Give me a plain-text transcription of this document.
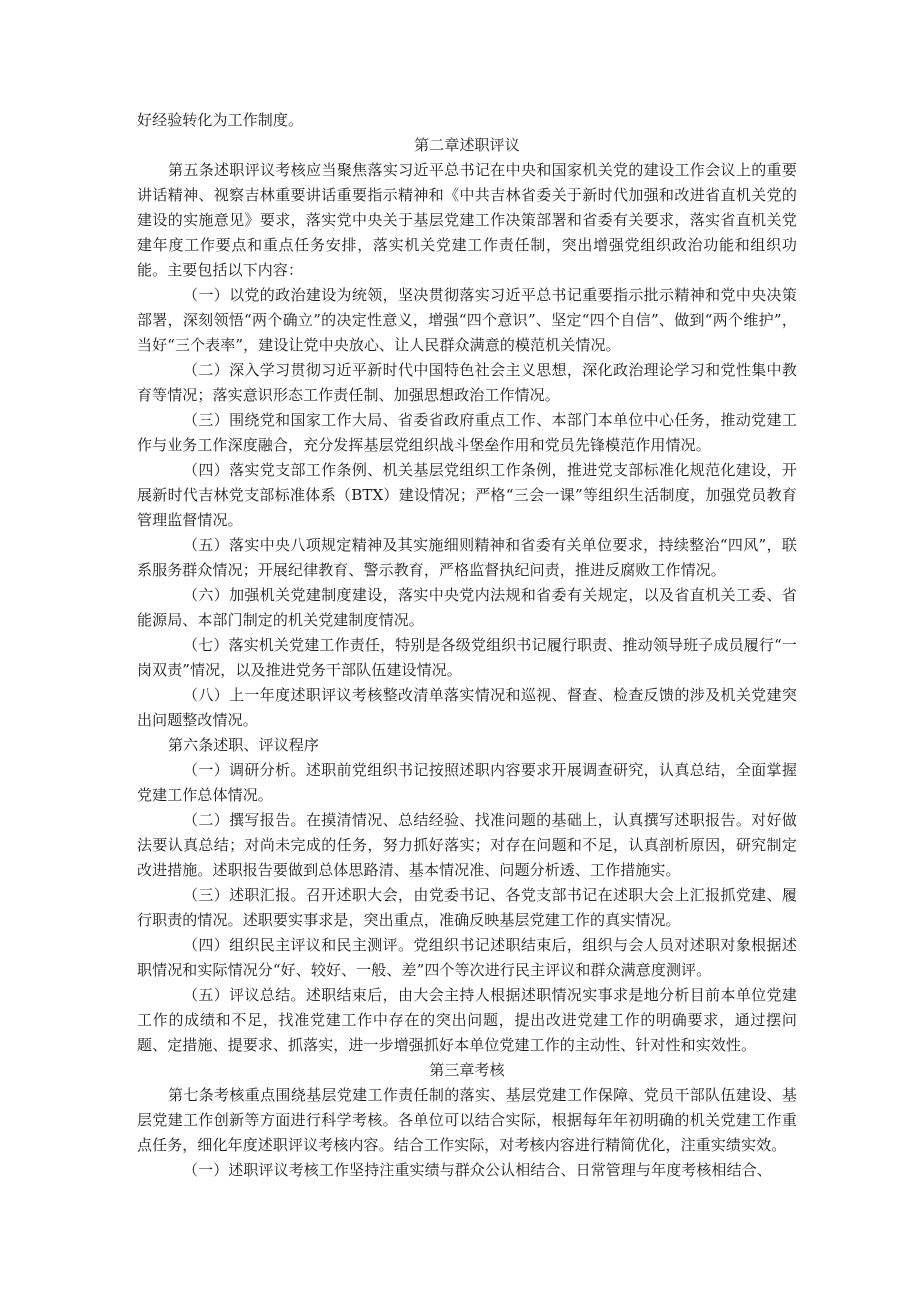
好经验转化为工作制度。

第二章述职评议

第五条述职评议考核应当聚焦落实习近平总书记在中央和国家机关党的建设工作会议上的重要讲话精神、视察吉林重要讲话重要指示精神和《中共吉林省委关于新时代加强和改进省直机关党的建设的实施意见》要求，落实党中央关于基层党建工作决策部署和省委有关要求，落实省直机关党建年度工作要点和重点任务安排，落实机关党建工作责任制，突出增强党组织政治功能和组织功能。主要包括以下内容：

（一）以党的政治建设为统领，坚决贯彻落实习近平总书记重要指示批示精神和党中央决策部署，深刻领悟“两个确立”的决定性意义，增强“四个意识”、坚定“四个自信”、做到“两个维护”，当好“三个表率”，建设让党中央放心、让人民群众满意的模范机关情况。

（二）深入学习贯彻习近平新时代中国特色社会主义思想，深化政治理论学习和党性集中教育等情况；落实意识形态工作责任制、加强思想政治工作情况。

（三）围绕党和国家工作大局、省委省政府重点工作、本部门本单位中心任务，推动党建工作与业务工作深度融合，充分发挥基层党组织战斗堡垒作用和党员先锋模范作用情况。

（四）落实党支部工作条例、机关基层党组织工作条例，推进党支部标准化规范化建设，开展新时代吉林党支部标准体系（BTX）建设情况；严格“三会一课”等组织生活制度，加强党员教育管理监督情况。

（五）落实中央八项规定精神及其实施细则精神和省委有关单位要求，持续整治“四风”，联系服务群众情况；开展纪律教育、警示教育，严格监督执纪问责，推进反腐败工作情况。

（六）加强机关党建制度建设，落实中央党内法规和省委有关规定，以及省直机关工委、省能源局、本部门制定的机关党建制度情况。

（七）落实机关党建工作责任，特别是各级党组织书记履行职责、推动领导班子成员履行“一岗双责”情况，以及推进党务干部队伍建设情况。

（八）上一年度述职评议考核整改清单落实情况和巡视、督查、检查反馈的涉及机关党建突出问题整改情况。

第六条述职、评议程序

（一）调研分析。述职前党组织书记按照述职内容要求开展调查研究，认真总结，全面掌握党建工作总体情况。

（二）撰写报告。在摸清情况、总结经验、找准问题的基础上，认真撰写述职报告。对好做法要认真总结；对尚未完成的任务，努力抓好落实；对存在问题和不足，认真剖析原因，研究制定改进措施。述职报告要做到总体思路清、基本情况准、问题分析透、工作措施实。

（三）述职汇报。召开述职大会，由党委书记、各党支部书记在述职大会上汇报抓党建、履行职责的情况。述职要实事求是，突出重点，准确反映基层党建工作的真实情况。

（四）组织民主评议和民主测评。党组织书记述职结束后，组织与会人员对述职对象根据述职情况和实际情况分“好、较好、一般、差”四个等次进行民主评议和群众满意度测评。

（五）评议总结。述职结束后，由大会主持人根据述职情况实事求是地分析目前本单位党建工作的成绩和不足，找准党建工作中存在的突出问题，提出改进党建工作的明确要求，通过摆问题、定措施、提要求、抓落实，进一步增强抓好本单位党建工作的主动性、针对性和实效性。

第三章考核

第七条考核重点围绕基层党建工作责任制的落实、基层党建工作保障、党员干部队伍建设、基层党建工作创新等方面进行科学考核。各单位可以结合实际，根据每年年初明确的机关党建工作重点任务，细化年度述职评议考核内容。结合工作实际，对考核内容进行精简优化，注重实绩实效。

（一）述职评议考核工作坚持注重实绩与群众公认相结合、日常管理与年度考核相结合、
